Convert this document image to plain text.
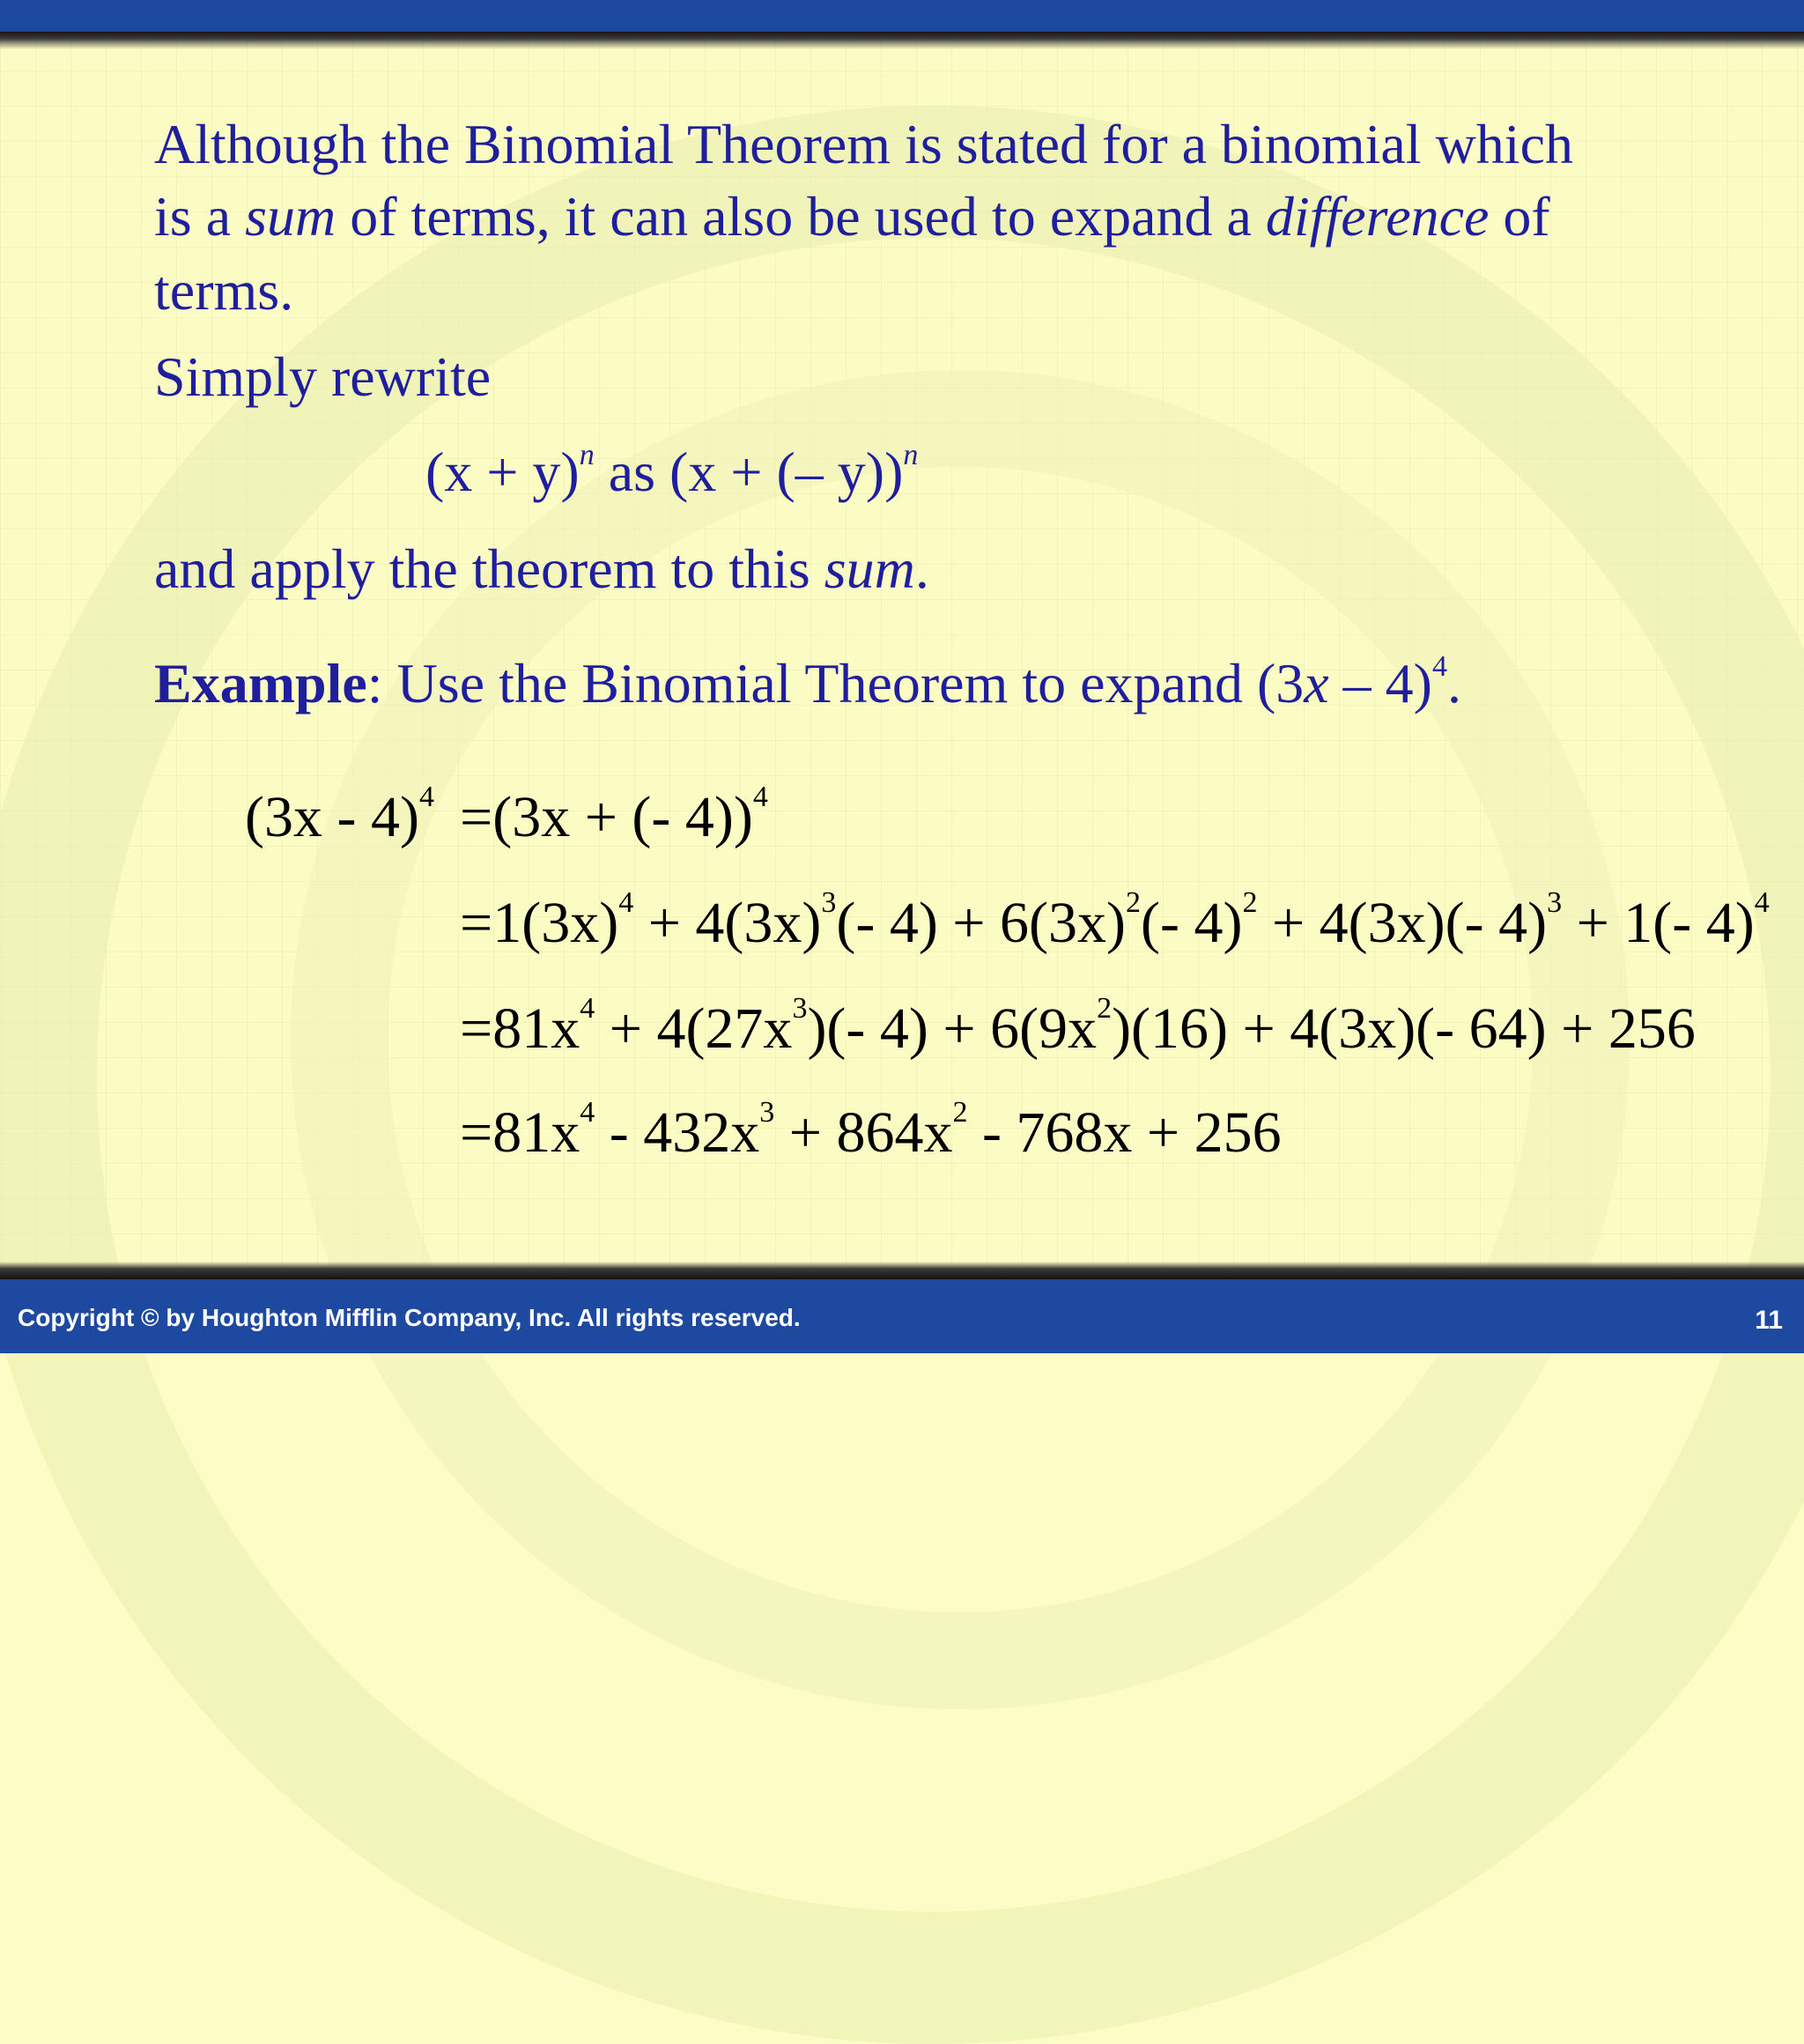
Although the Binomial Theorem is stated for a binomial which
is a sum of terms, it can also be used to expand a difference of
terms.
Simply rewrite
$(x + y)^n$ as (x + (– y))$^n$
and apply the theorem to this sum.
Example: Use the Binomial Theorem to expand (3x – 4)$^4$.
(3x - 4)$^4$ =(3x + (- 4))$^4$
$=1(3x)^4 + 4(3x)^3(-$ $4) + 6(3x)^2(-$ 4)$^2$ + 4(3x)(- 4)$^3$ + 1(- 4)$^4$
$=81x^4 + 4(27x^3)(-$ $4) + 6(9x^2)(16) + 4(3x)(-$ 64) + 256
$=81x^4 - 432x^3 + 864x^2 - 768x + 256$
Copyright © by Houghton Mifflin Company, Inc. All rights reserved.	11
